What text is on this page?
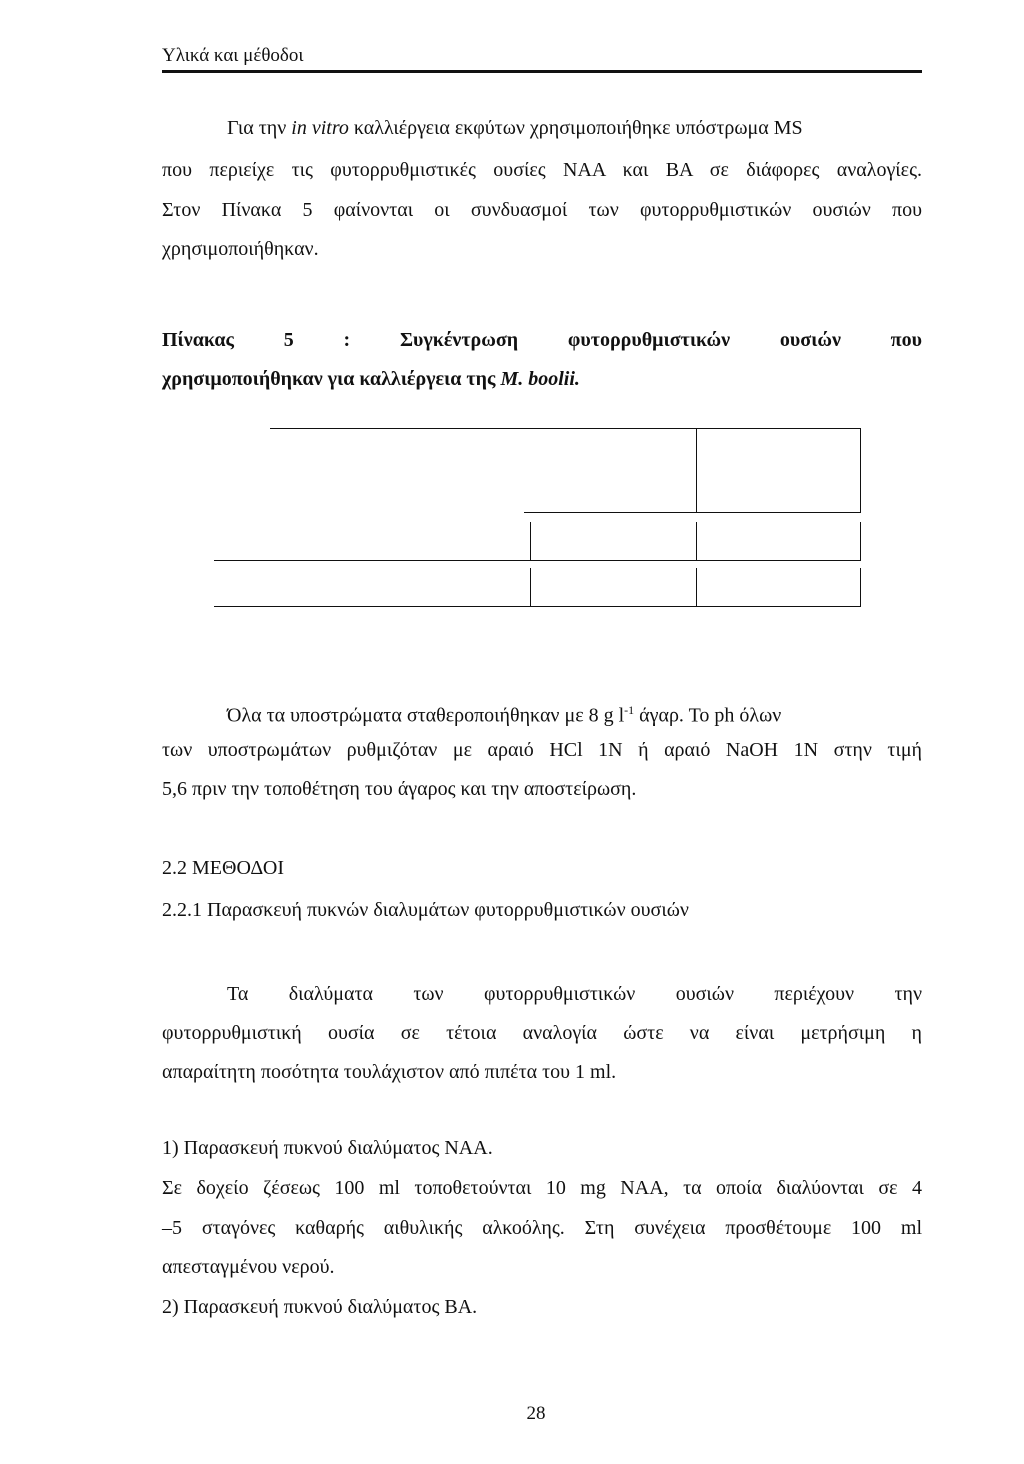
Υλικά και μέθοδοι
Για την in vitro καλλιέργεια εκφύτων χρησιμοποιήθηκε υπόστρωμα MS
που περιείχε τις φυτορρυθμιστικές ουσίες ΝΑΑ και ΒΑ σε διάφορες αναλογίες.
Στον Πίνακα 5 φαίνονται οι συνδυασμοί των φυτορρυθμιστικών ουσιών που
χρησιμοποιήθηκαν.
Πίνακας 5 : Συγκέντρωση φυτορρυθμιστικών ουσιών που
χρησιμοποιήθηκαν για καλλιέργεια της M. boolii.
Όλα τα υποστρώματα σταθεροποιήθηκαν με 8 g $l^{-1}$ άγαρ. Το ph όλων
των υποστρωμάτων ρυθμιζόταν με αραιό HCl 1N ή αραιό NaOH 1N στην τιμή
5,6 πριν την τοποθέτηση του άγαρος και την αποστείρωση.
2.2 ΜΕΘΟΔΟΙ
2.2.1 Παρασκευή πυκνών διαλυμάτων φυτορρυθμιστικών ουσιών
Τα διαλύματα των φυτορρυθμιστικών ουσιών περιέχουν την
φυτορρυθμιστική ουσία σε τέτοια αναλογία ώστε να είναι μετρήσιμη η
απαραίτητη ποσότητα τουλάχιστον από πιπέτα του 1 ml.
1) Παρασκευή πυκνού διαλύματος ΝΑΑ.
Σε δοχείο ζέσεως 100 ml τοποθετούνται 10 mg NAA, τα οποία διαλύονται σε 4
–5 σταγόνες καθαρής αιθυλικής αλκοόλης. Στη συνέχεια προσθέτουμε 100 ml
απεσταγμένου νερού.
2) Παρασκευή πυκνού διαλύματος ΒΑ.
28
